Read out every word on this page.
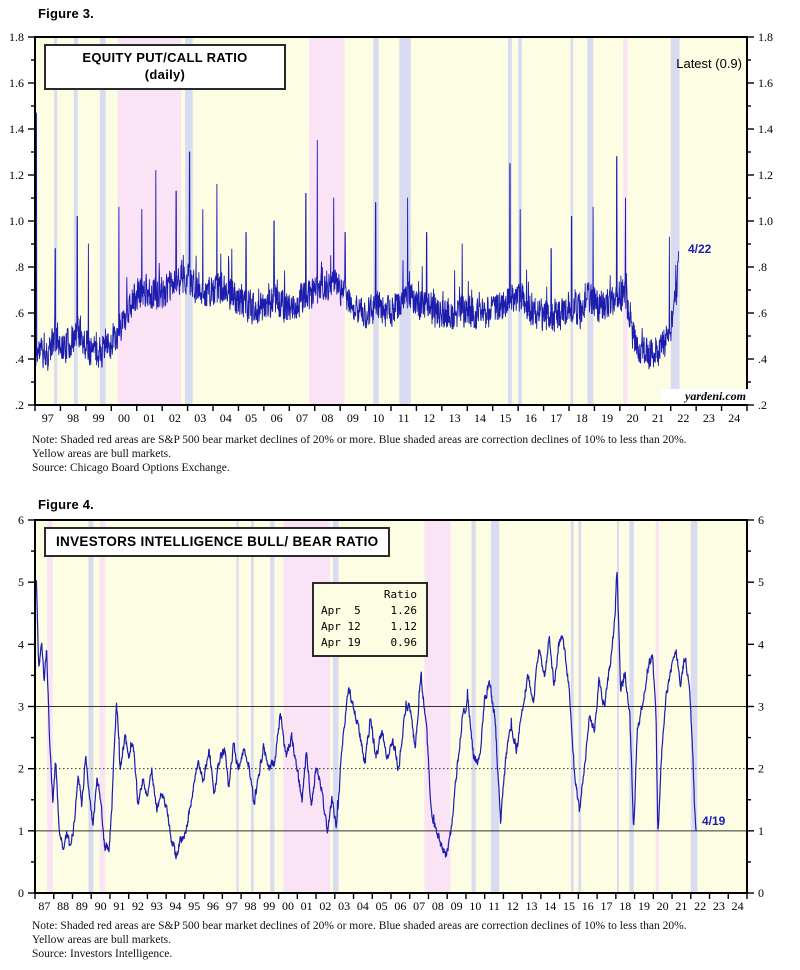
Figure 3.
1.8	1.8
1.6	1.6
1.4	1.4
1.2	1.2
1.0	1.0
.8	.8
.6	.6
.4	.4
.2	.2
97 98 99 00 01 02 03 04 05 06 07 08 09 10 11 12 13 14 15 16 17 18 19 20 21 22 23 24
EQUITY PUT/CALL RATIO
(daily)
Latest (0.9)
4/22
yardeni.com
Note: Shaded red areas are S&P 500 bear market declines of 20% or more. Blue shaded areas are correction declines of 10% to less than 20%.
Yellow areas are bull markets.
Source: Chicago Board Options Exchange.
Figure 4.
6	6
5	5
4	4
3	3
2	2
1	1
0	0
87 88 89 90 91 92 93 94 95 96 97 98 99 00 01 02 03 04 05 06 07 08 09 10 11 12 13 14 15 16 17 18 19 20 21 22 23 24
INVESTORS INTELLIGENCE BULL/ BEAR RATIO
Ratio
Apr  5	1.26
Apr 12	1.12
Apr 19	0.96
4/19
Note: Shaded red areas are S&P 500 bear market declines of 20% or more. Blue shaded areas are correction declines of 10% to less than 20%.
Yellow areas are bull markets.
Source: Investors Intelligence.
